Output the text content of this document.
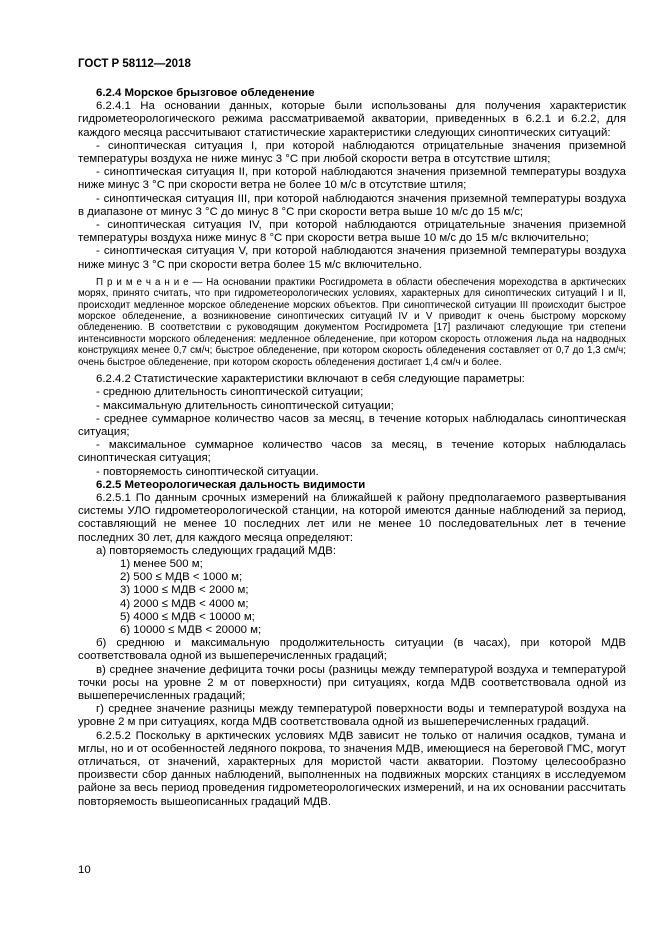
ГОСТ Р 58112—2018

6.2.4 Морское брызговое обледенение

6.2.4.1 На основании данных, которые были использованы для получения характеристик гидрометеорологического режима рассматриваемой акватории, приведенных в 6.2.1 и 6.2.2, для каждого месяца рассчитывают статистические характеристики следующих синоптических ситуаций:

- синоптическая ситуация I, при которой наблюдаются отрицательные значения приземной температуры воздуха не ниже минус 3 °С при любой скорости ветра в отсутствие штиля;

- синоптическая ситуация II, при которой наблюдаются значения приземной температуры воздуха ниже минус 3 °С при скорости ветра не более 10 м/с в отсутствие штиля;

- синоптическая ситуация III, при которой наблюдаются значения приземной температуры воздуха в диапазоне от минус 3 °С до минус 8 °С при скорости ветра выше 10 м/с до 15 м/с;

- синоптическая ситуация IV, при которой наблюдаются отрицательные значения приземной температуры воздуха ниже минус 8 °С при скорости ветра выше 10 м/с до 15 м/с включительно;

- синоптическая ситуация V, при которой наблюдаются значения приземной температуры воздуха ниже минус 3 °С при скорости ветра более 15 м/с включительно.

П р и м е ч а н и е — На основании практики Росгидромета в области обеспечения мореходства в арктических морях, принято считать, что при гидрометеорологических условиях, характерных для синоптических ситуаций I и II, происходит медленное морское обледенение морских объектов. При синоптической ситуации III происходит быстрое морское обледенение, а возникновение синоптических ситуаций IV и V приводит к очень быстрому морскому обледенению. В соответствии с руководящим документом Росгидромета [17] различают следующие три степени интенсивности морского обледенения: медленное обледенение, при котором скорость отложения льда на надводных конструкциях менее 0,7 см/ч; быстрое обледенение, при котором скорость обледенения составляет от 0,7 до 1,3 см/ч; очень быстрое обледенение, при котором скорость обледенения достигает 1,4 см/ч и более.

6.2.4.2 Статистические характеристики включают в себя следующие параметры:

- среднюю длительность синоптической ситуации;

- максимальную длительность синоптической ситуации;

- среднее суммарное количество часов за месяц, в течение которых наблюдалась синоптическая ситуация;

- максимальное суммарное количество часов за месяц, в течение которых наблюдалась синоптическая ситуация;

- повторяемость синоптической ситуации.

6.2.5 Метеорологическая дальность видимости

6.2.5.1 По данным срочных измерений на ближайшей к району предполагаемого развертывания системы УЛО гидрометеорологической станции, на которой имеются данные наблюдений за период, составляющий не менее 10 последних лет или не менее 10 последовательных лет в течение последних 30 лет, для каждого месяца определяют:

а) повторяемость следующих градаций МДВ:

1) менее 500 м;

2) 500 ≤ МДВ < 1000 м;

3) 1000 ≤ МДВ < 2000 м;

4) 2000 ≤ МДВ < 4000 м;

5) 4000 ≤ МДВ < 10000 м;

6) 10000 ≤ МДВ < 20000 м;

б) среднюю и максимальную продолжительность ситуации (в часах), при которой МДВ соответствовала одной из вышеперечисленных градаций;

в) среднее значение дефицита точки росы (разницы между температурой воздуха и температурой точки росы на уровне 2 м от поверхности) при ситуациях, когда МДВ соответствовала одной из вышеперечисленных градаций;

г) среднее значение разницы между температурой поверхности воды и температурой воздуха на уровне 2 м при ситуациях, когда МДВ соответствовала одной из вышеперечисленных градаций.

6.2.5.2 Поскольку в арктических условиях МДВ зависит не только от наличия осадков, тумана и мглы, но и от особенностей ледяного покрова, то значения МДВ, имеющиеся на береговой ГМС, могут отличаться, от значений, характерных для мористой части акватории. Поэтому целесообразно произвести сбор данных наблюдений, выполненных на подвижных морских станциях в исследуемом районе за весь период проведения гидрометеорологических измерений, и на их основании рассчитать повторяемость вышеописанных градаций МДВ.

10
